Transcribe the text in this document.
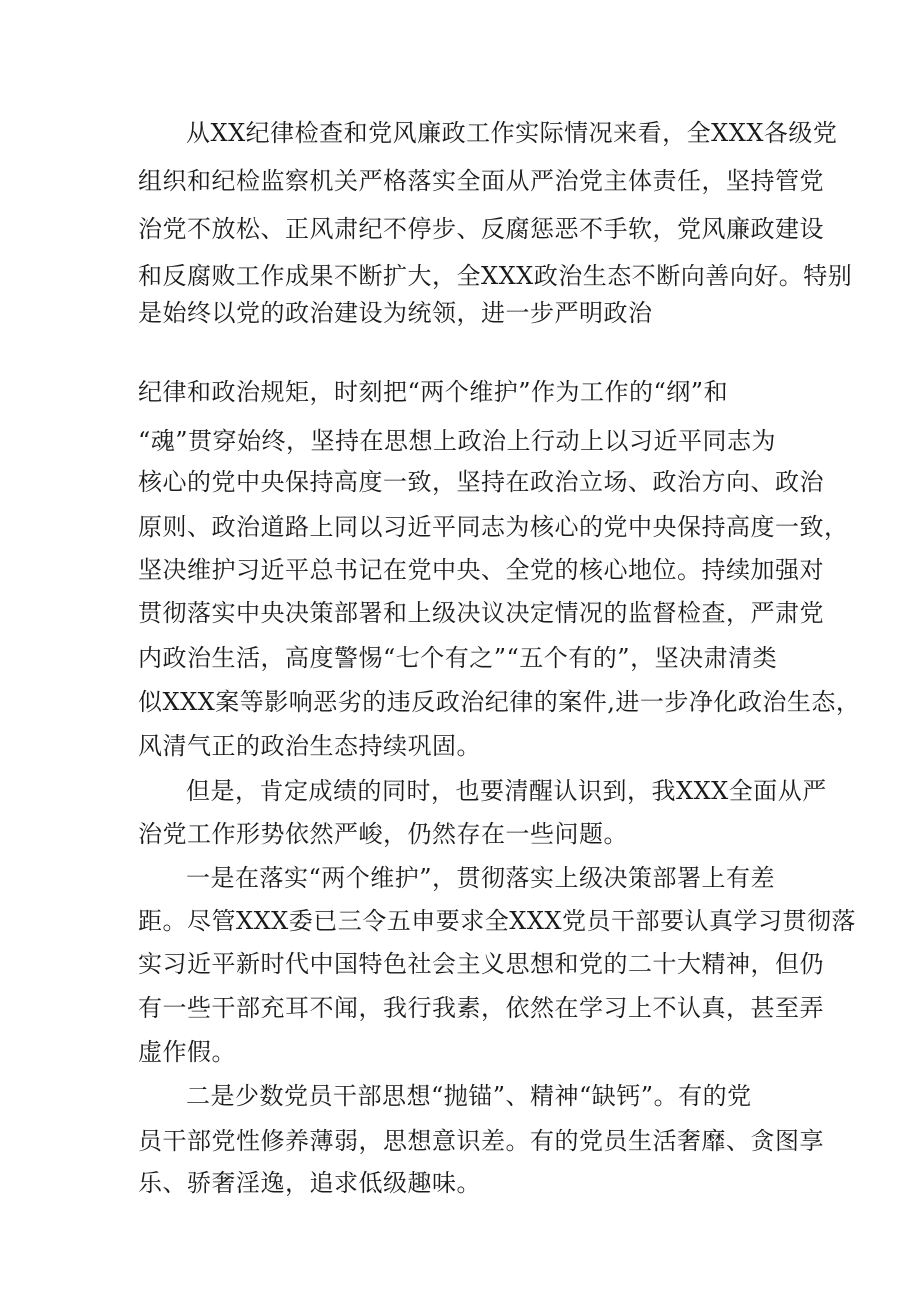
从XX纪律检查和党风廉政工作实际情况来看，全XXX各级党
组织和纪检监察机关严格落实全面从严治党主体责任，坚持管党
治党不放松、正风肃纪不停步、反腐惩恶不手软，党风廉政建设
和反腐败工作成果不断扩大，全XXX政治生态不断向善向好。特别
是始终以党的政治建设为统领，进一步严明政治
纪律和政治规矩，时刻把“两个维护”作为工作的“纲”和
“魂”贯穿始终，坚持在思想上政治上行动上以习近平同志为
核心的党中央保持高度一致，坚持在政治立场、政治方向、政治
原则、政治道路上同以习近平同志为核心的党中央保持高度一致，
坚决维护习近平总书记在党中央、全党的核心地位。持续加强对
贯彻落实中央决策部署和上级决议决定情况的监督检查，严肃党
内政治生活，高度警惕“七个有之”“五个有的”，坚决肃清类
似XXX案等影响恶劣的违反政治纪律的案件,进一步净化政治生态，
风清气正的政治生态持续巩固。
但是，肯定成绩的同时，也要清醒认识到，我XXX全面从严
治党工作形势依然严峻，仍然存在一些问题。
一是在落实“两个维护”，贯彻落实上级决策部署上有差
距。尽管XXX委已三令五申要求全XXX党员干部要认真学习贯彻落
实习近平新时代中国特色社会主义思想和党的二十大精神，但仍
有一些干部充耳不闻，我行我素，依然在学习上不认真，甚至弄
虚作假。
二是少数党员干部思想“抛锚”、精神“缺钙”。有的党
员干部党性修养薄弱，思想意识差。有的党员生活奢靡、贪图享
乐、骄奢淫逸，追求低级趣味。
